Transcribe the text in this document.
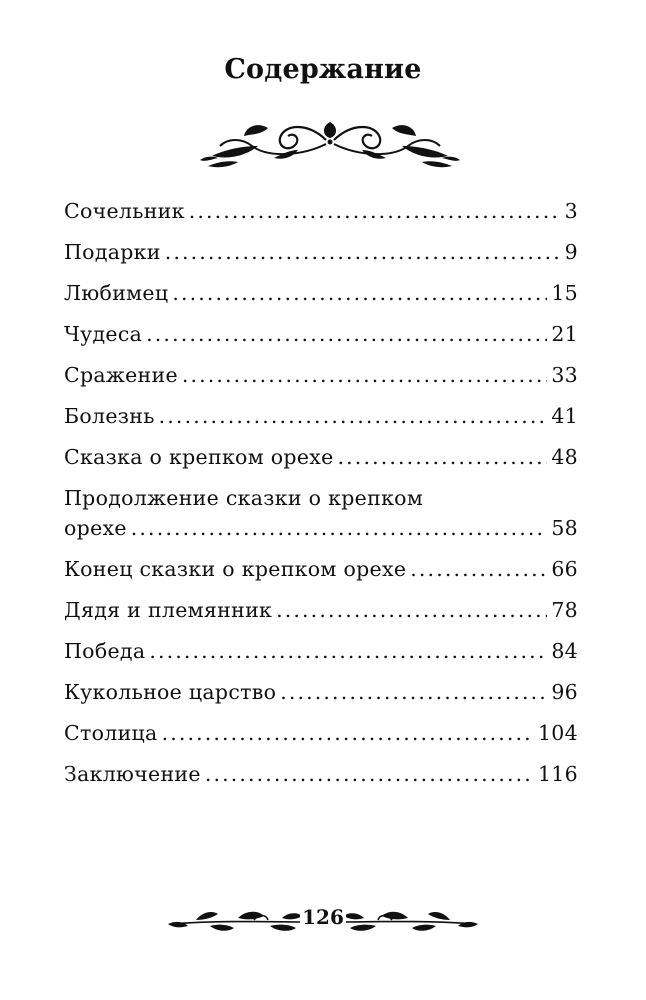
Содержание
Сочельник . . .	3
Подарки . . .	9
Любимец . . .	15
Чудеса . . .	21
Сражение . . .	33
Болезнь . . .	41
Сказка о крепком орехе . . .	48
Продолжение сказки о крепком
орехе . . .	58
Конец сказки о крепком орехе . . .	66
Дядя и племянник . . .	78
Победа . . .	84
Кукольное царство . . .	96
Столица . . .	104
Заключение . . .	116
126
